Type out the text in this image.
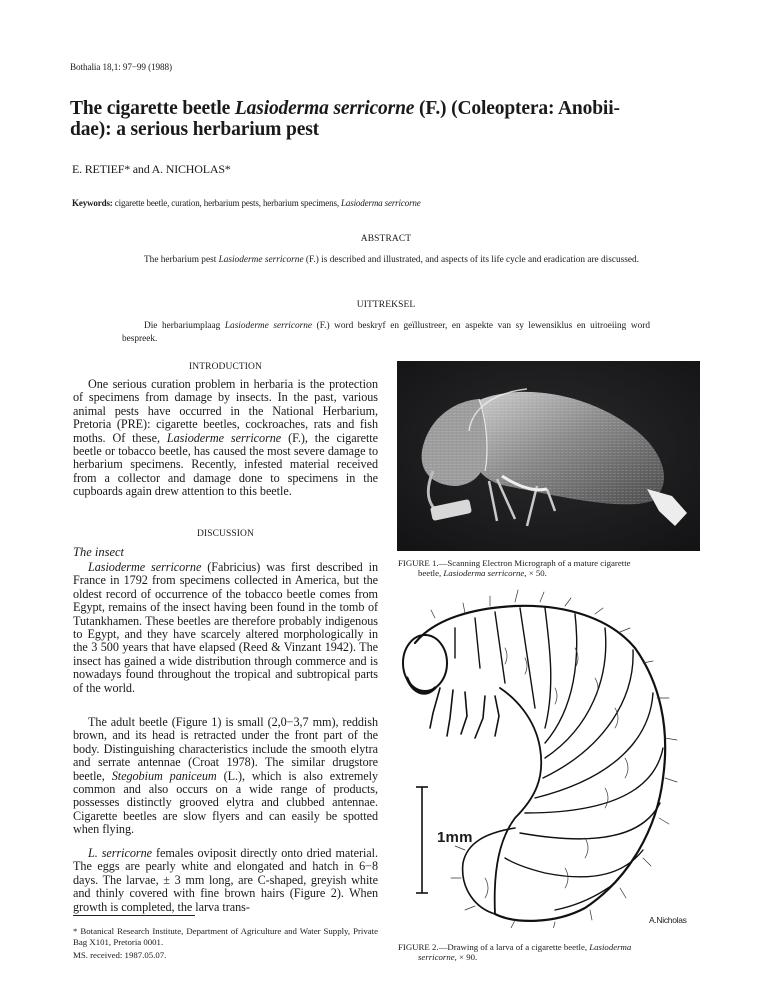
Bothalia 18,1: 97−99 (1988)
The cigarette beetle Lasioderma serricorne (F.) (Coleoptera: Anobii-
dae): a serious herbarium pest
E. RETIEF* and A. NICHOLAS*
Keywords: cigarette beetle, curation, herbarium pests, herbarium specimens, Lasioderma serricorne
ABSTRACT

The herbarium pest Lasioderme serricorne (F.) is described and illustrated, and aspects of its life cycle and eradication are discussed.

UITTREKSEL

Die herbariumplaag Lasioderme serricorne (F.) word beskryf en geïllustreer, en aspekte van sy lewensiklus en uitroeiing word bespreek.

INTRODUCTION

One serious curation problem in herbaria is the protection of specimens from damage by insects. In the past, various animal pests have occurred in the National Herbarium, Pretoria (PRE): cigarette beetles, cockroaches, rats and fish moths. Of these, Lasioderme serricorne (F.), the cigarette beetle or tobacco beetle, has caused the most severe damage to herbarium specimens. Recently, infested material received from a collector and damage done to specimens in the cupboards again drew attention to this beetle.

DISCUSSION
The insect

Lasioderme serricorne (Fabricius) was first described in France in 1792 from specimens collected in America, but the oldest record of occurrence of the tobacco beetle comes from Egypt, remains of the insect having been found in the tomb of Tutankhamen. These beetles are therefore probably indigenous to Egypt, and they have scarcely altered morphologically in the 3 500 years that have elapsed (Reed & Vinzant 1942). The insect has gained a wide distribution through commerce and is nowadays found throughout the tropical and subtropical parts of the world.

The adult beetle (Figure 1) is small (2,0−3,7 mm), reddish brown, and its head is retracted under the front part of the body. Distinguishing characteristics include the smooth elytra and serrate antennae (Croat 1978). The similar drugstore beetle, Stegobium paniceum (L.), which is also extremely common and also occurs on a wide range of products, possesses distinctly grooved elytra and clubbed antennae. Cigarette beetles are slow flyers and can easily be spotted when flying.

L. serricorne females oviposit directly onto dried material. The eggs are pearly white and elongated and hatch in 6−8 days. The larvae, ± 3 mm long, are C-shaped, greyish white and thinly covered with fine brown hairs (Figure 2). When growth is completed, the larva trans-

* Botanical Research Institute, Department of Agriculture and Water Supply, Private Bag X101, Pretoria 0001.

MS. received: 1987.05.07.

FIGURE 1.—Scanning Electron Micrograph of a mature cigarette
beetle, Lasioderma serricorne, × 50.

1mm
A.Nicholas

FIGURE 2.—Drawing of a larva of a cigarette beetle, Lasioderma
serricorne, × 90.
